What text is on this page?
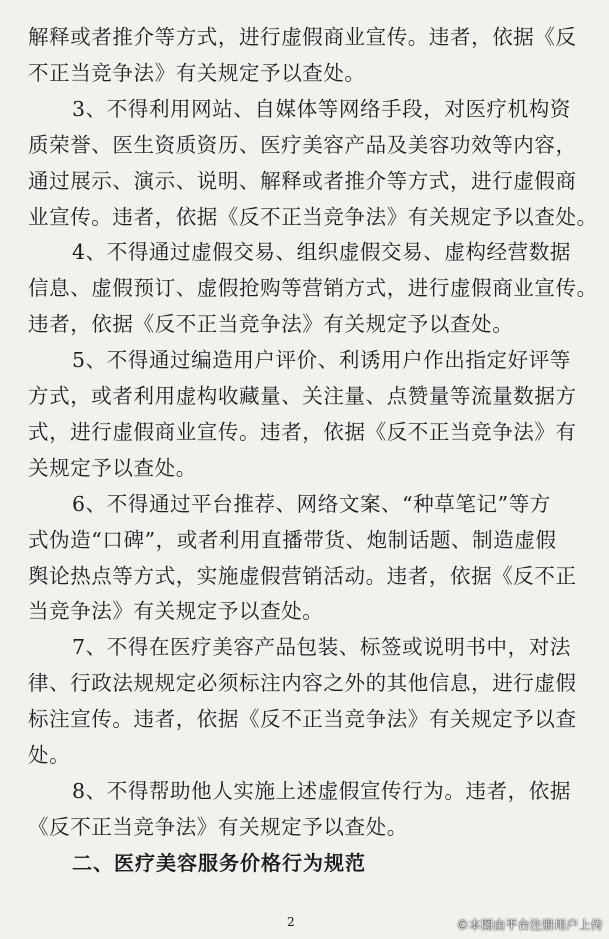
解释或者推介等方式，进行虚假商业宣传。违者，依据《反
不正当竞争法》有关规定予以查处。
3、不得利用网站、自媒体等网络手段，对医疗机构资
质荣誉、医生资质资历、医疗美容产品及美容功效等内容，
通过展示、演示、说明、解释或者推介等方式，进行虚假商
业宣传。违者，依据《反不正当竞争法》有关规定予以查处。
4、不得通过虚假交易、组织虚假交易、虚构经营数据
信息、虚假预订、虚假抢购等营销方式，进行虚假商业宣传。
违者，依据《反不正当竞争法》有关规定予以查处。
5、不得通过编造用户评价、利诱用户作出指定好评等
方式，或者利用虚构收藏量、关注量、点赞量等流量数据方
式，进行虚假商业宣传。违者，依据《反不正当竞争法》有
关规定予以查处。
6、不得通过平台推荐、网络文案、“种草笔记”等方
式伪造“口碑”，或者利用直播带货、炮制话题、制造虚假
舆论热点等方式，实施虚假营销活动。违者，依据《反不正
当竞争法》有关规定予以查处。
7、不得在医疗美容产品包装、标签或说明书中，对法
律、行政法规规定必须标注内容之外的其他信息，进行虚假
标注宣传。违者，依据《反不正当竞争法》有关规定予以查
处。
8、不得帮助他人实施上述虚假宣传行为。违者，依据
《反不正当竞争法》有关规定予以查处。
二、医疗美容服务价格行为规范
2	©本图由平台注册用户上传
